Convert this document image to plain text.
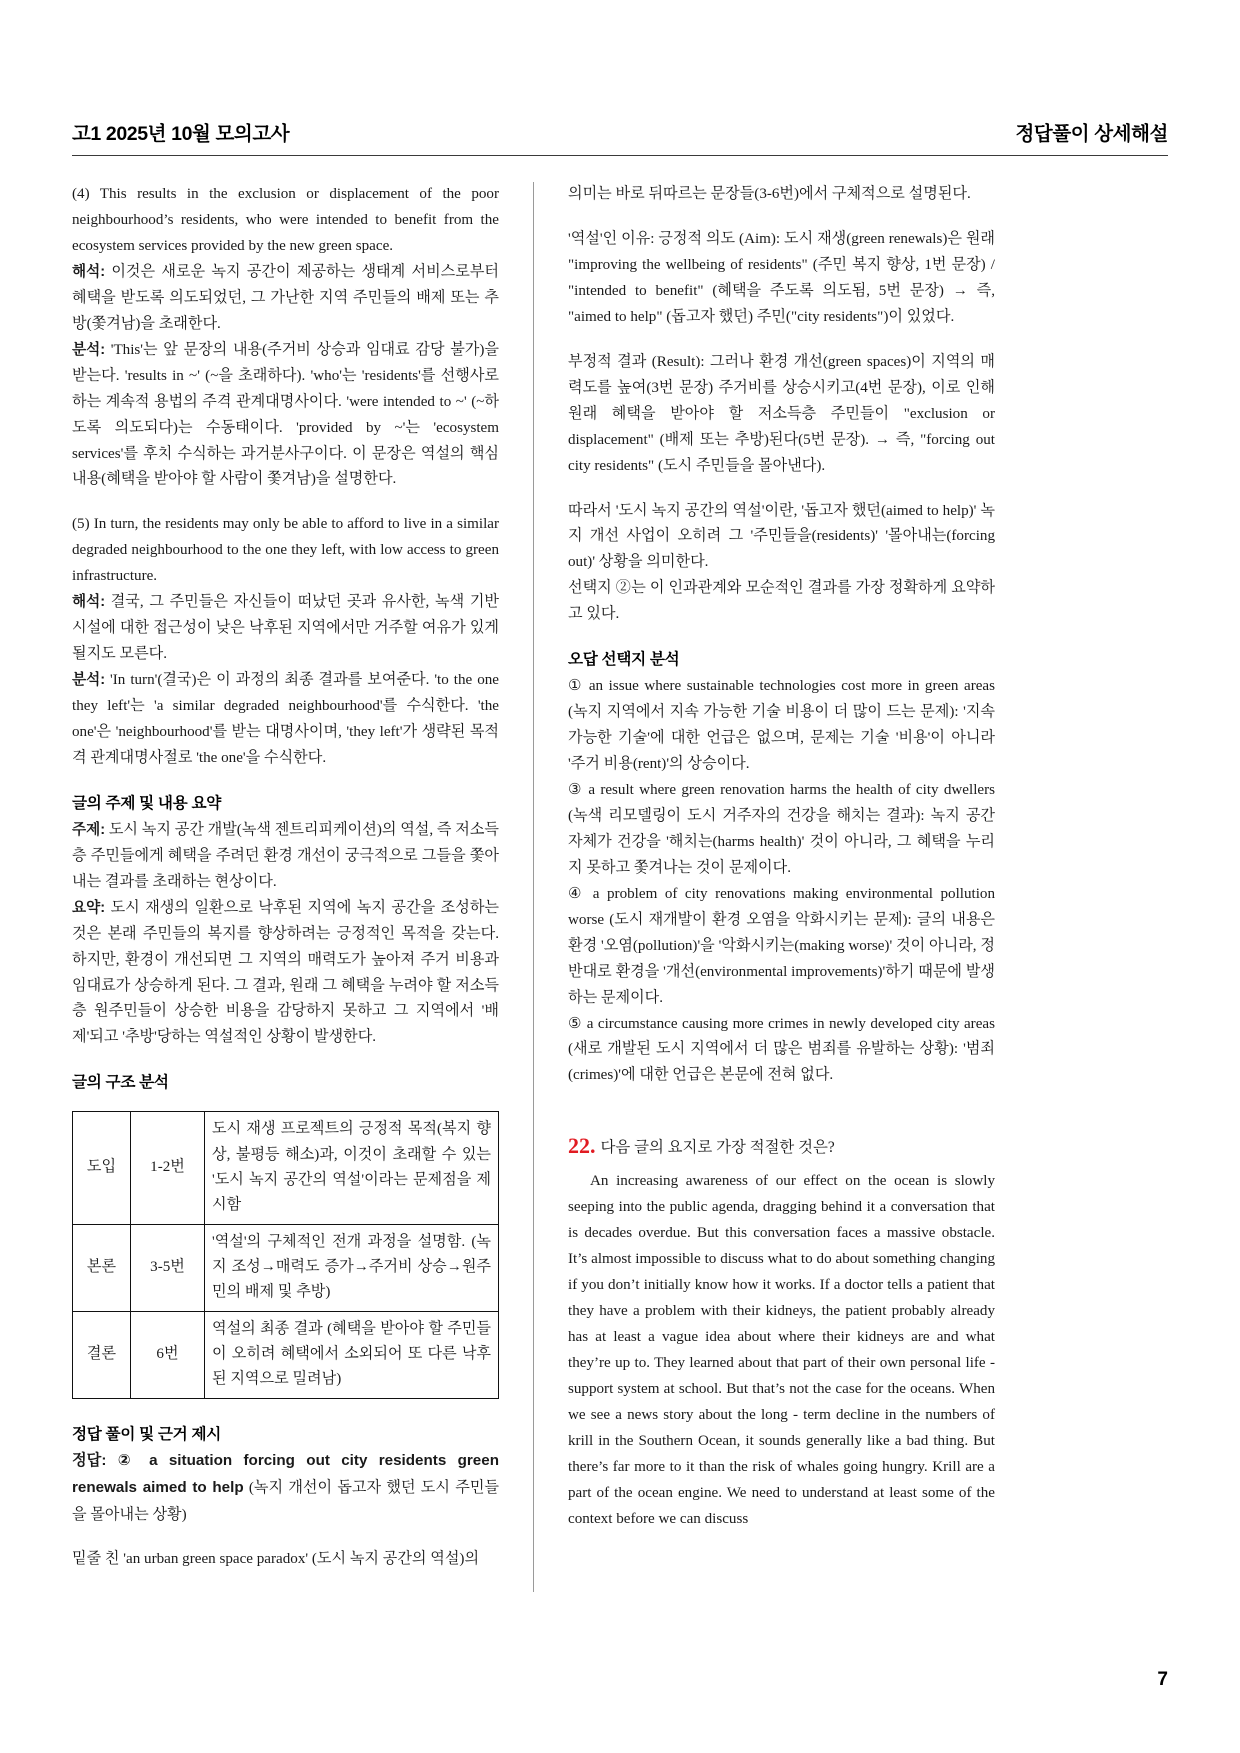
고1 2025년 10월 모의고사	정답풀이 상세해설

(4) This results in the exclusion or displacement of the poor neighbourhood’s residents, who were intended to benefit from the ecosystem services provided by the new green space.

해석: 이것은 새로운 녹지 공간이 제공하는 생태계 서비스로부터 혜택을 받도록 의도되었던, 그 가난한 지역 주민들의 배제 또는 추방(쫓겨남)을 초래한다.

분석: 'This'는 앞 문장의 내용(주거비 상승과 임대료 감당 불가)을 받는다. 'results in ~' (~을 초래하다). 'who'는 'residents'를 선행사로 하는 계속적 용법의 주격 관계대명사이다. 'were intended to ~' (~하도록 의도되다)는 수동태이다. 'provided by ~'는 'ecosystem services'를 후치 수식하는 과거분사구이다. 이 문장은 역설의 핵심 내용(혜택을 받아야 할 사람이 쫓겨남)을 설명한다.

(5) In turn, the residents may only be able to afford to live in a similar degraded neighbourhood to the one they left, with low access to green infrastructure.

해석: 결국, 그 주민들은 자신들이 떠났던 곳과 유사한, 녹색 기반 시설에 대한 접근성이 낮은 낙후된 지역에서만 거주할 여유가 있게 될지도 모른다.

분석: 'In turn'(결국)은 이 과정의 최종 결과를 보여준다. 'to the one they left'는 'a similar degraded neighbourhood'를 수식한다. 'the one'은 'neighbourhood'를 받는 대명사이며, 'they left'가 생략된 목적격 관계대명사절로 'the one'을 수식한다.

글의 주제 및 내용 요약

주제: 도시 녹지 공간 개발(녹색 젠트리피케이션)의 역설, 즉 저소득층 주민들에게 혜택을 주려던 환경 개선이 궁극적으로 그들을 쫓아내는 결과를 초래하는 현상이다.

요약: 도시 재생의 일환으로 낙후된 지역에 녹지 공간을 조성하는 것은 본래 주민들의 복지를 향상하려는 긍정적인 목적을 갖는다. 하지만, 환경이 개선되면 그 지역의 매력도가 높아져 주거 비용과 임대료가 상승하게 된다. 그 결과, 원래 그 혜택을 누려야 할 저소득층 원주민들이 상승한 비용을 감당하지 못하고 그 지역에서 '배제'되고 '추방'당하는 역설적인 상황이 발생한다.

글의 구조 분석

도입	1-2번	도시 재생 프로젝트의 긍정적 목적(복지 향상, 불평등 해소)과, 이것이 초래할 수 있는 '도시 녹지 공간의 역설'이라는 문제점을 제시함
본론	3-5번	'역설'의 구체적인 전개 과정을 설명함. (녹지 조성→매력도 증가→주거비 상승→원주민의 배제 및 추방)
결론	6번	역설의 최종 결과 (혜택을 받아야 할 주민들이 오히려 혜택에서 소외되어 또 다른 낙후된 지역으로 밀려남)

정답 풀이 및 근거 제시

정답: ② a situation forcing out city residents green renewals aimed to help (녹지 개선이 돕고자 했던 도시 주민들을 몰아내는 상황)

밑줄 친 'an urban green space paradox' (도시 녹지 공간의 역설)의

의미는 바로 뒤따르는 문장들(3-6번)에서 구체적으로 설명된다.

'역설'인 이유: 긍정적 의도 (Aim): 도시 재생(green renewals)은 원래 "improving the wellbeing of residents" (주민 복지 향상, 1번 문장) / "intended to benefit" (혜택을 주도록 의도됨, 5번 문장) → 즉, "aimed to help" (돕고자 했던) 주민("city residents")이 있었다.

부정적 결과 (Result): 그러나 환경 개선(green spaces)이 지역의 매력도를 높여(3번 문장) 주거비를 상승시키고(4번 문장), 이로 인해 원래 혜택을 받아야 할 저소득층 주민들이 "exclusion or displacement" (배제 또는 추방)된다(5번 문장). → 즉, "forcing out city residents" (도시 주민들을 몰아낸다).

따라서 '도시 녹지 공간의 역설'이란, '돕고자 했던(aimed to help)' 녹지 개선 사업이 오히려 그 '주민들을(residents)' '몰아내는(forcing out)' 상황을 의미한다.

선택지 ②는 이 인과관계와 모순적인 결과를 가장 정확하게 요약하고 있다.

오답 선택지 분석

① an issue where sustainable technologies cost more in green areas (녹지 지역에서 지속 가능한 기술 비용이 더 많이 드는 문제): '지속 가능한 기술'에 대한 언급은 없으며, 문제는 기술 '비용'이 아니라 '주거 비용(rent)'의 상승이다.

③ a result where green renovation harms the health of city dwellers (녹색 리모델링이 도시 거주자의 건강을 해치는 결과): 녹지 공간 자체가 건강을 '해치는(harms health)' 것이 아니라, 그 혜택을 누리지 못하고 쫓겨나는 것이 문제이다.

④ a problem of city renovations making environmental pollution worse (도시 재개발이 환경 오염을 악화시키는 문제): 글의 내용은 환경 '오염(pollution)'을 '악화시키는(making worse)' 것이 아니라, 정반대로 환경을 '개선(environmental improvements)'하기 때문에 발생하는 문제이다.

⑤ a circumstance causing more crimes in newly developed city areas (새로 개발된 도시 지역에서 더 많은 범죄를 유발하는 상황): '범죄(crimes)'에 대한 언급은 본문에 전혀 없다.

22. 다음 글의 요지로 가장 적절한 것은?

An increasing awareness of our effect on the ocean is slowly seeping into the public agenda, dragging behind it a conversation that is decades overdue. But this conversation faces a massive obstacle. It’s almost impossible to discuss what to do about something changing if you don’t initially know how it works. If a doctor tells a patient that they have a problem with their kidneys, the patient probably already has at least a vague idea about where their kidneys are and what they’re up to. They learned about that part of their own personal life - support system at school. But that’s not the case for the oceans. When we see a news story about the long - term decline in the numbers of krill in the Southern Ocean, it sounds generally like a bad thing. But there’s far more to it than the risk of whales going hungry. Krill are a part of the ocean engine. We need to understand at least some of the context before we can discuss

7
